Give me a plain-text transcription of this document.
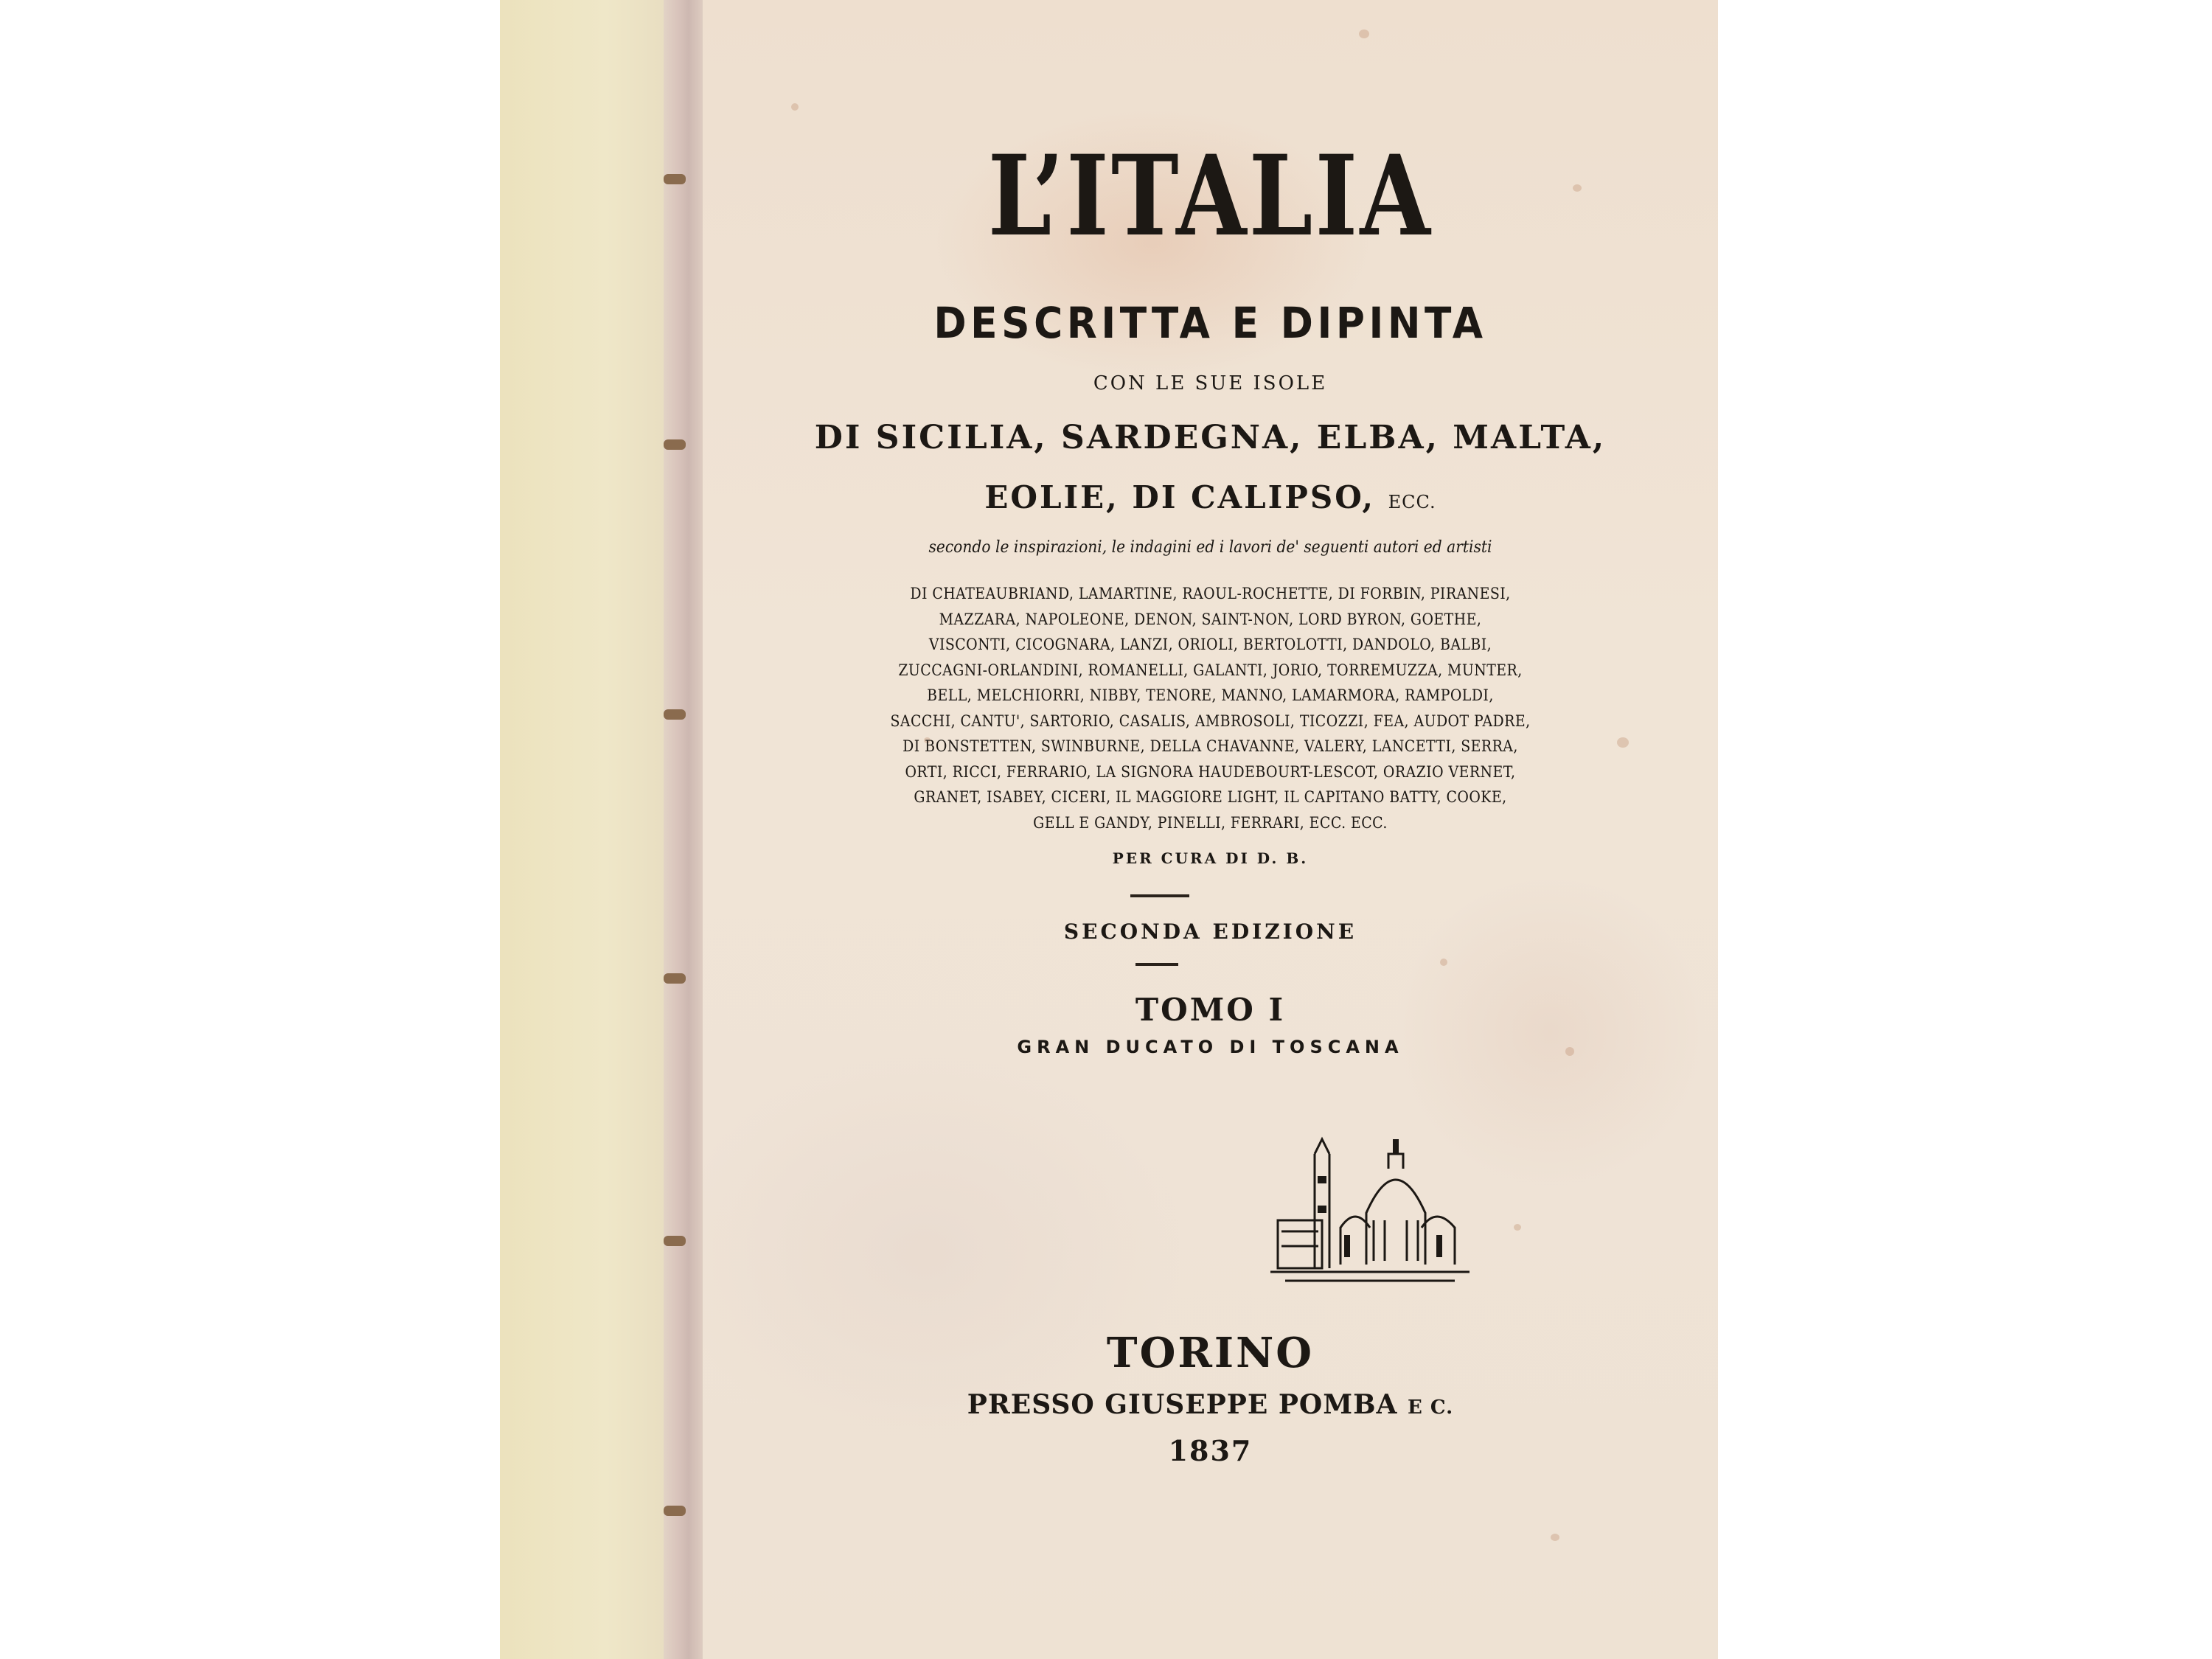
L’ITALIA
DESCRITTA E DIPINTA
CON LE SUE ISOLE
DI SICILIA, SARDEGNA, ELBA, MALTA,
EOLIE, DI CALIPSO, ECC.
secondo le inspirazioni, le indagini ed i lavori de' seguenti autori ed artisti
DI CHATEAUBRIAND, LAMARTINE, RAOUL-ROCHETTE, DI FORBIN, PIRANESI,
MAZZARA, NAPOLEONE, DENON, SAINT-NON, LORD BYRON, GOETHE,
VISCONTI, CICOGNARA, LANZI, ORIOLI, BERTOLOTTI, DANDOLO, BALBI,
ZUCCAGNI-ORLANDINI, ROMANELLI, GALANTI, JORIO, TORREMUZZA, MUNTER,
BELL, MELCHIORRI, NIBBY, TENORE, MANNO, LAMARMORA, RAMPOLDI,
SACCHI, CANTU', SARTORIO, CASALIS, AMBROSOLI, TICOZZI, FEA, AUDOT PADRE,
DI BONSTETTEN, SWINBURNE, DELLA CHAVANNE, VALERY, LANCETTI, SERRA,
ORTI, RICCI, FERRARIO, LA SIGNORA HAUDEBOURT-LESCOT, ORAZIO VERNET,
GRANET, ISABEY, CICERI, IL MAGGIORE LIGHT, IL CAPITANO BATTY, COOKE,
GELL E GANDY, PINELLI, FERRARI, ECC. ECC.
PER CURA DI D. B.
SECONDA EDIZIONE
TOMO I
GRAN DUCATO DI TOSCANA
TORINO
PRESSO GIUSEPPE POMBA E C.
1837
